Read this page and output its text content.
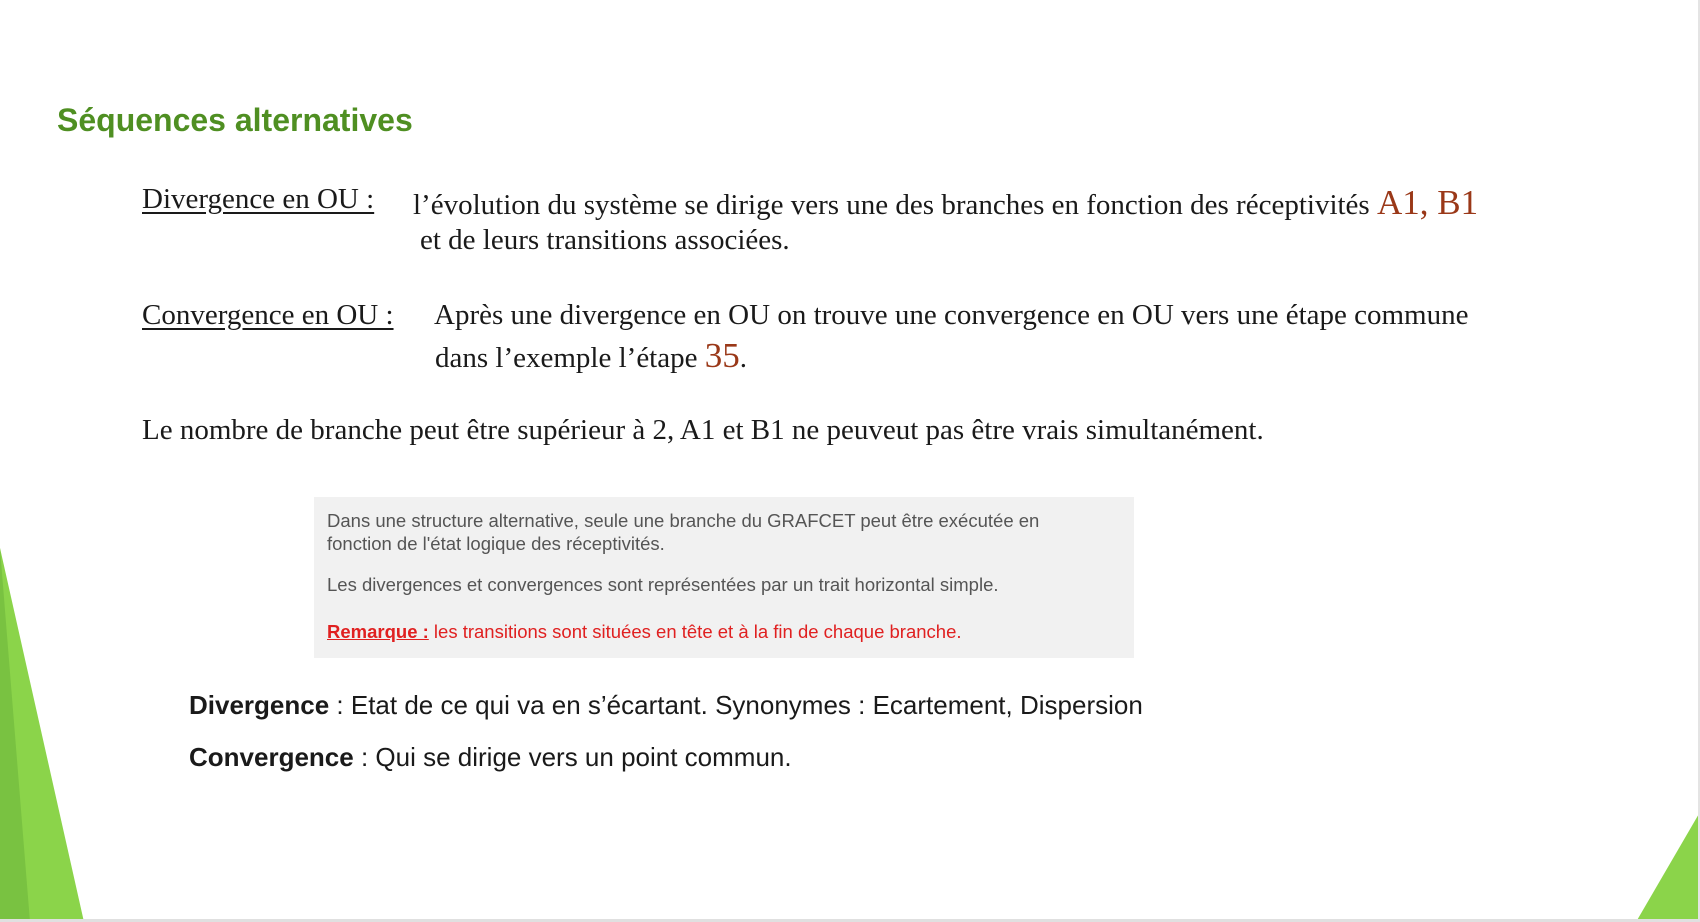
Séquences alternatives
Divergence en OU : l’évolution du système se dirige vers une des branches en fonction des réceptivités A1, B1
et de leurs transitions associées.
Convergence en OU : Après une divergence en OU on trouve une convergence en OU vers une étape commune
dans l’exemple l’étape 35.
Le nombre de branche peut être supérieur à 2, A1 et B1 ne peuveut pas être vrais simultanément.
Dans une structure alternative, seule une branche du GRAFCET peut être exécutée en
fonction de l'état logique des réceptivités.
Les divergences et convergences sont représentées par un trait horizontal simple.
Remarque : les transitions sont situées en tête et à la fin de chaque branche.
Divergence : Etat de ce qui va en s’écartant. Synonymes : Ecartement, Dispersion
Convergence : Qui se dirige vers un point commun.
